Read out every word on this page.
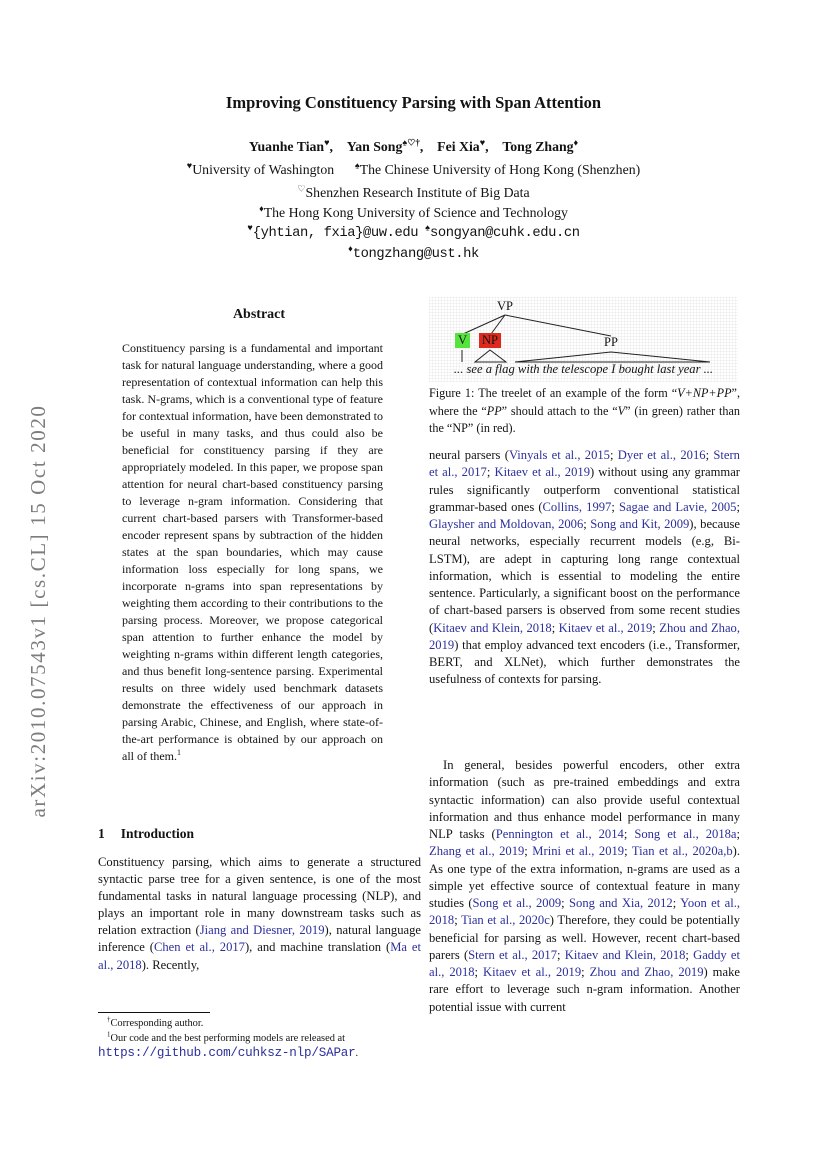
arXiv:2010.07543v1 [cs.CL] 15 Oct 2020
Improving Constituency Parsing with Span Attention
Yuanhe Tian♥,  Yan Song♠♡†,  Fei Xia♥,  Tong Zhang♦
♥University of Washington  ♠The Chinese University of Hong Kong (Shenzhen)
♡Shenzhen Research Institute of Big Data
♦The Hong Kong University of Science and Technology
♥{yhtian, fxia}@uw.edu  ♠songyan@cuhk.edu.cn
♦tongzhang@ust.hk
Abstract
Constituency parsing is a fundamental and important task for natural language understanding, where a good representation of contextual information can help this task. N-grams, which is a conventional type of feature for contextual information, have been demonstrated to be useful in many tasks, and thus could also be beneficial for constituency parsing if they are appropriately modeled. In this paper, we propose span attention for neural chart-based constituency parsing to leverage n-gram information. Considering that current chart-based parsers with Transformer-based encoder represent spans by subtraction of the hidden states at the span boundaries, which may cause information loss especially for long spans, we incorporate n-grams into span representations by weighting them according to their contributions to the parsing process. Moreover, we propose categorical span attention to further enhance the model by weighting n-grams within different length categories, and thus benefit long-sentence parsing. Experimental results on three widely used benchmark datasets demonstrate the effectiveness of our approach in parsing Arabic, Chinese, and English, where state-of-the-art performance is obtained by our approach on all of them.$^1$
1 Introduction
Constituency parsing, which aims to generate a structured syntactic parse tree for a given sentence, is one of the most fundamental tasks in natural language processing (NLP), and plays an important role in many downstream tasks such as relation extraction (Jiang and Diesner, 2019), natural language inference (Chen et al., 2017), and machine translation (Ma et al., 2018). Recently,
†Corresponding author.
$^1$Our code and the best performing models are released at https://github.com/cuhksz-nlp/SAPar.
VP
V NP	PP
... see a flag with the telescope I bought last year ...
Figure 1: The treelet of an example of the form “V+NP+PP”, where the “PP” should attach to the “V” (in green) rather than the “NP” (in red).
neural parsers (Vinyals et al., 2015; Dyer et al., 2016; Stern et al., 2017; Kitaev et al., 2019) without using any grammar rules significantly outperform conventional statistical grammar-based ones (Collins, 1997; Sagae and Lavie, 2005; Glaysher and Moldovan, 2006; Song and Kit, 2009), because neural networks, especially recurrent models (e.g, Bi-LSTM), are adept in capturing long range contextual information, which is essential to modeling the entire sentence. Particularly, a significant boost on the performance of chart-based parsers is observed from some recent studies (Kitaev and Klein, 2018; Kitaev et al., 2019; Zhou and Zhao, 2019) that employ advanced text encoders (i.e., Transformer, BERT, and XLNet), which further demonstrates the usefulness of contexts for parsing.
In general, besides powerful encoders, other extra information (such as pre-trained embeddings and extra syntactic information) can also provide useful contextual information and thus enhance model performance in many NLP tasks (Pennington et al., 2014; Song et al., 2018a; Zhang et al., 2019; Mrini et al., 2019; Tian et al., 2020a,b). As one type of the extra information, n-grams are used as a simple yet effective source of contextual feature in many studies (Song et al., 2009; Song and Xia, 2012; Yoon et al., 2018; Tian et al., 2020c) Therefore, they could be potentially beneficial for parsing as well. However, recent chart-based parers (Stern et al., 2017; Kitaev and Klein, 2018; Gaddy et al., 2018; Kitaev et al., 2019; Zhou and Zhao, 2019) make rare effort to leverage such n-gram information. Another potential issue with current
